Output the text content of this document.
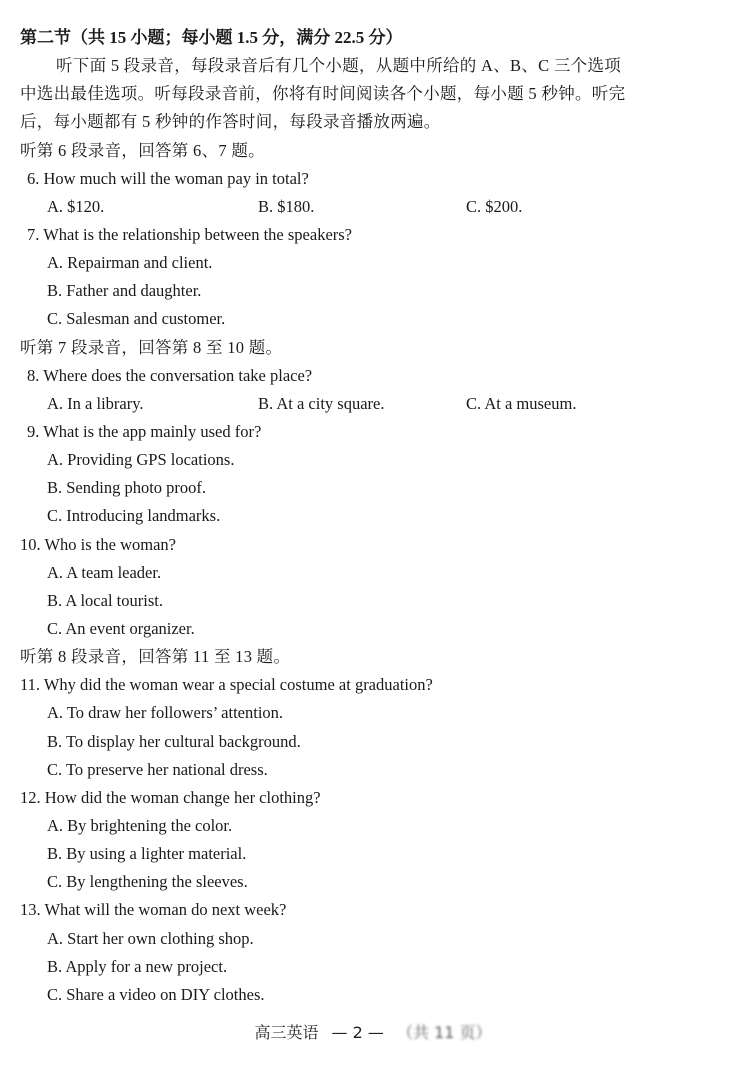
第二节（共 15 小题；每小题 1.5 分，满分 22.5 分）
听下面 5 段录音，每段录音后有几个小题，从题中所给的 A、B、C 三个选项
中选出最佳选项。听每段录音前，你将有时间阅读各个小题，每小题 5 秒钟。听完
后，每小题都有 5 秒钟的作答时间，每段录音播放两遍。
听第 6 段录音，回答第 6、7 题。
6. How much will the woman pay in total?
A. $120.	B. $180.	C. $200.
7. What is the relationship between the speakers?
A. Repairman and client.
B. Father and daughter.
C. Salesman and customer.
听第 7 段录音，回答第 8 至 10 题。
8. Where does the conversation take place?
A. In a library.	B. At a city square.	C. At a museum.
9. What is the app mainly used for?
A. Providing GPS locations.
B. Sending photo proof.
C. Introducing landmarks.
10. Who is the woman?
A. A team leader.
B. A local tourist.
C. An event organizer.
听第 8 段录音，回答第 11 至 13 题。
11. Why did the woman wear a special costume at graduation?
A. To draw her followers’ attention.
B. To display her cultural background.
C. To preserve her national dress.
12. How did the woman change her clothing?
A. By brightening the color.
B. By using a lighter material.
C. By lengthening the sleeves.
13. What will the woman do next week?
A. Start her own clothing shop.
B. Apply for a new project.
C. Share a video on DIY clothes.
高三英语 — 2 — （共 11 页）
